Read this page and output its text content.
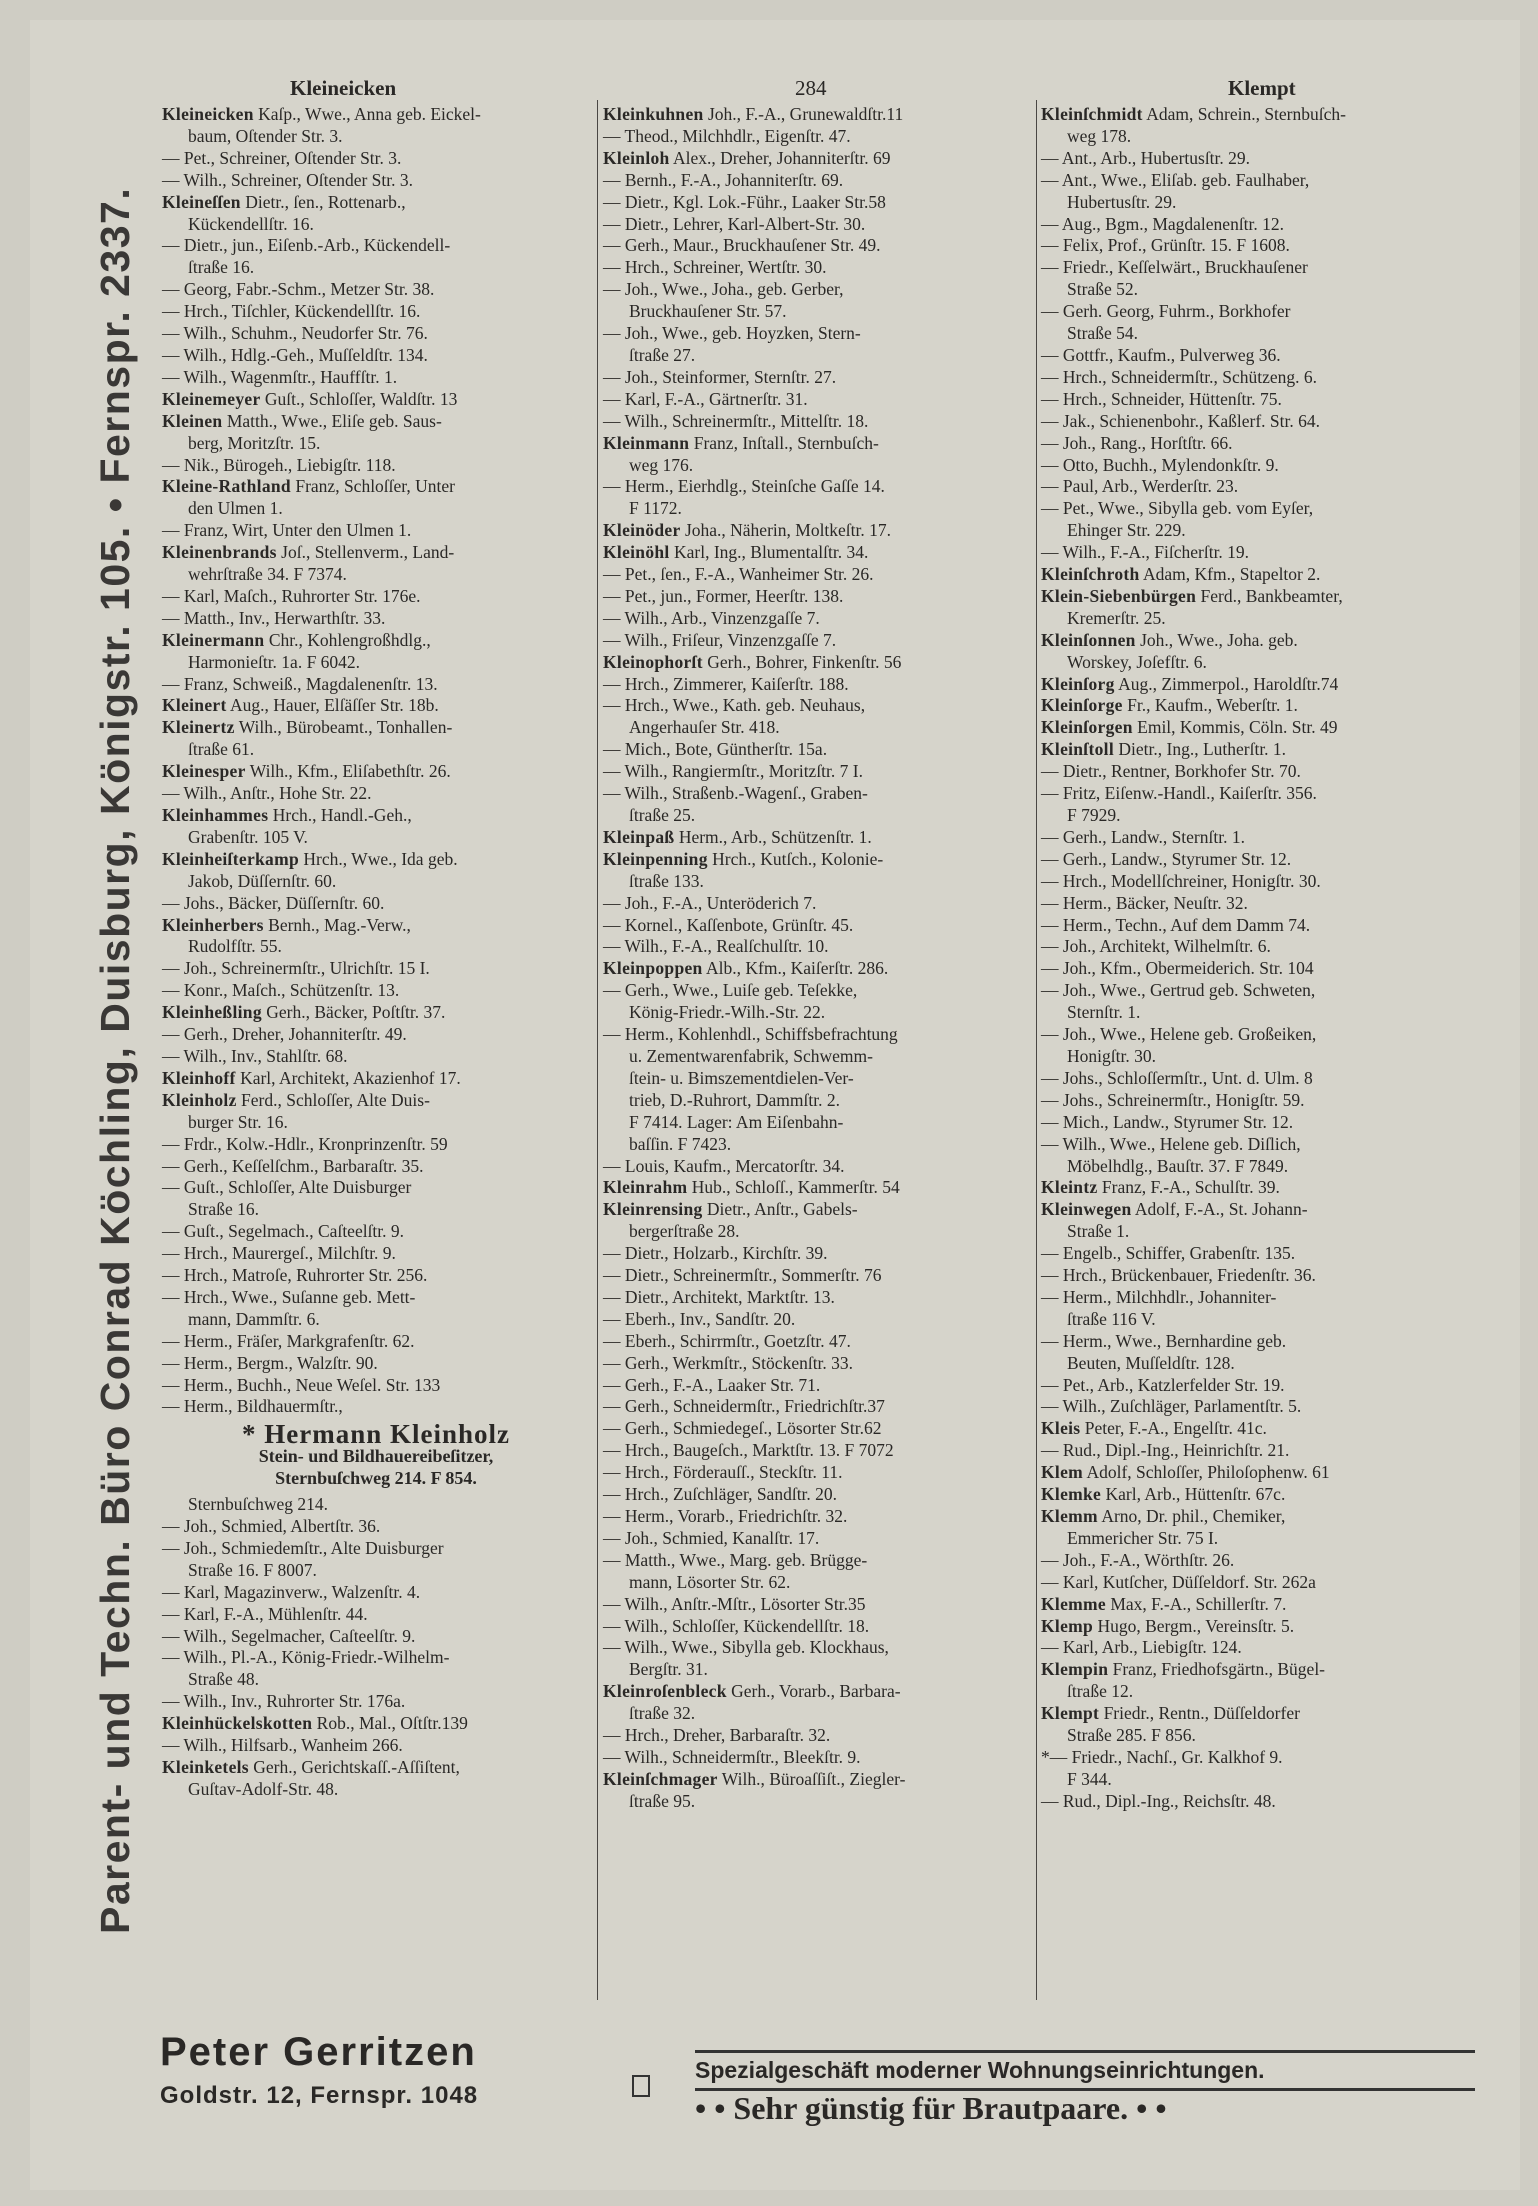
Parent- und Techn. Büro Conrad Köchling, Duisburg, Königstr. 105. • Fernspr. 2337.
Kleineicken	284	Klempt
Kleineicken Kaſp., Wwe., Anna geb. Eickel-
baum, Oſtender Str. 3.
— Pet., Schreiner, Oſtender Str. 3.
— Wilh., Schreiner, Oſtender Str. 3.
Kleineſſen Dietr., ſen., Rottenarb.,
Kückendellſtr. 16.
— Dietr., jun., Eiſenb.-Arb., Kückendell-
ſtraße 16.
— Georg, Fabr.-Schm., Metzer Str. 38.
— Hrch., Tiſchler, Kückendellſtr. 16.
— Wilh., Schuhm., Neudorfer Str. 76.
— Wilh., Hdlg.-Geh., Muſſeldſtr. 134.
— Wilh., Wagenmſtr., Hauffſtr. 1.
Kleinemeyer Guſt., Schloſſer, Waldſtr. 13
Kleinen Matth., Wwe., Eliſe geb. Saus-
berg, Moritzſtr. 15.
— Nik., Bürogeh., Liebigſtr. 118.
Kleine-Rathland Franz, Schloſſer, Unter
den Ulmen 1.
— Franz, Wirt, Unter den Ulmen 1.
Kleinenbrands Joſ., Stellenverm., Land-
wehrſtraße 34. F 7374.
— Karl, Maſch., Ruhrorter Str. 176e.
— Matth., Inv., Herwarthſtr. 33.
Kleinermann Chr., Kohlengroßhdlg.,
Harmonieſtr. 1a. F 6042.
— Franz, Schweiß., Magdalenenſtr. 13.
Kleinert Aug., Hauer, Elſäſſer Str. 18b.
Kleinertz Wilh., Bürobeamt., Tonhallen-
ſtraße 61.
Kleinesper Wilh., Kfm., Eliſabethſtr. 26.
— Wilh., Anſtr., Hohe Str. 22.
Kleinhammes Hrch., Handl.-Geh.,
Grabenſtr. 105 V.
Kleinheiſterkamp Hrch., Wwe., Ida geb.
Jakob, Düſſernſtr. 60.
— Johs., Bäcker, Düſſernſtr. 60.
Kleinherbers Bernh., Mag.-Verw.,
Rudolfſtr. 55.
— Joh., Schreinermſtr., Ulrichſtr. 15 I.
— Konr., Maſch., Schützenſtr. 13.
Kleinheßling Gerh., Bäcker, Poſtſtr. 37.
— Gerh., Dreher, Johanniterſtr. 49.
— Wilh., Inv., Stahlſtr. 68.
Kleinhoff Karl, Architekt, Akazienhof 17.
Kleinholz Ferd., Schloſſer, Alte Duis-
burger Str. 16.
— Frdr., Kolw.-Hdlr., Kronprinzenſtr. 59
— Gerh., Keſſelſchm., Barbaraſtr. 35.
— Guſt., Schloſſer, Alte Duisburger
Straße 16.
— Guſt., Segelmach., Caſteelſtr. 9.
— Hrch., Maurergeſ., Milchſtr. 9.
— Hrch., Matroſe, Ruhrorter Str. 256.
— Hrch., Wwe., Suſanne geb. Mett-
mann, Dammſtr. 6.
— Herm., Fräſer, Markgrafenſtr. 62.
— Herm., Bergm., Walzſtr. 90.
— Herm., Buchh., Neue Weſel. Str. 133
— Herm., Bildhauermſtr.,
* Hermann Kleinholz
Stein- und Bildhauereibeſitzer,
Sternbuſchweg 214. F 854.
Sternbuſchweg 214.
— Joh., Schmied, Albertſtr. 36.
— Joh., Schmiedemſtr., Alte Duisburger
Straße 16. F 8007.
— Karl, Magazinverw., Walzenſtr. 4.
— Karl, F.-A., Mühlenſtr. 44.
— Wilh., Segelmacher, Caſteelſtr. 9.
— Wilh., Pl.-A., König-Friedr.-Wilhelm-
Straße 48.
— Wilh., Inv., Ruhrorter Str. 176a.
Kleinhückelskotten Rob., Mal., Oſtſtr.139
— Wilh., Hilfsarb., Wanheim 266.
Kleinketels Gerh., Gerichtskaſſ.-Aſſiſtent,
Guſtav-Adolf-Str. 48.
Kleinkuhnen Joh., F.-A., Grunewaldſtr.11
— Theod., Milchhdlr., Eigenſtr. 47.
Kleinloh Alex., Dreher, Johanniterſtr. 69
— Bernh., F.-A., Johanniterſtr. 69.
— Dietr., Kgl. Lok.-Führ., Laaker Str.58
— Dietr., Lehrer, Karl-Albert-Str. 30.
— Gerh., Maur., Bruckhauſener Str. 49.
— Hrch., Schreiner, Wertſtr. 30.
— Joh., Wwe., Joha., geb. Gerber,
Bruckhauſener Str. 57.
— Joh., Wwe., geb. Hoyzken, Stern-
ſtraße 27.
— Joh., Steinformer, Sternſtr. 27.
— Karl, F.-A., Gärtnerſtr. 31.
— Wilh., Schreinermſtr., Mittelſtr. 18.
Kleinmann Franz, Inſtall., Sternbuſch-
weg 176.
— Herm., Eierhdlg., Steinſche Gaſſe 14.
F 1172.
Kleinöder Joha., Näherin, Moltkeſtr. 17.
Kleinöhl Karl, Ing., Blumentalſtr. 34.
— Pet., ſen., F.-A., Wanheimer Str. 26.
— Pet., jun., Former, Heerſtr. 138.
— Wilh., Arb., Vinzenzgaſſe 7.
— Wilh., Friſeur, Vinzenzgaſſe 7.
Kleinophorſt Gerh., Bohrer, Finkenſtr. 56
— Hrch., Zimmerer, Kaiſerſtr. 188.
— Hrch., Wwe., Kath. geb. Neuhaus,
Angerhauſer Str. 418.
— Mich., Bote, Güntherſtr. 15a.
— Wilh., Rangiermſtr., Moritzſtr. 7 I.
— Wilh., Straßenb.-Wagenſ., Graben-
ſtraße 25.
Kleinpaß Herm., Arb., Schützenſtr. 1.
Kleinpenning Hrch., Kutſch., Kolonie-
ſtraße 133.
— Joh., F.-A., Unteröderich 7.
— Kornel., Kaſſenbote, Grünſtr. 45.
— Wilh., F.-A., Realſchulſtr. 10.
Kleinpoppen Alb., Kfm., Kaiſerſtr. 286.
— Gerh., Wwe., Luiſe geb. Teſekke,
König-Friedr.-Wilh.-Str. 22.
— Herm., Kohlenhdl., Schiffsbefrachtung
u. Zementwarenfabrik, Schwemm-
ſtein- u. Bimszementdielen-Ver-
trieb, D.-Ruhrort, Dammſtr. 2.
F 7414. Lager: Am Eiſenbahn-
baſſin. F 7423.
— Louis, Kaufm., Mercatorſtr. 34.
Kleinrahm Hub., Schloſſ., Kammerſtr. 54
Kleinrensing Dietr., Anſtr., Gabels-
bergerſtraße 28.
— Dietr., Holzarb., Kirchſtr. 39.
— Dietr., Schreinermſtr., Sommerſtr. 76
— Dietr., Architekt, Marktſtr. 13.
— Eberh., Inv., Sandſtr. 20.
— Eberh., Schirrmſtr., Goetzſtr. 47.
— Gerh., Werkmſtr., Stöckenſtr. 33.
— Gerh., F.-A., Laaker Str. 71.
— Gerh., Schneidermſtr., Friedrichſtr.37
— Gerh., Schmiedegeſ., Lösorter Str.62
— Hrch., Baugeſch., Marktſtr. 13. F 7072
— Hrch., Förderauſſ., Steckſtr. 11.
— Hrch., Zuſchläger, Sandſtr. 20.
— Herm., Vorarb., Friedrichſtr. 32.
— Joh., Schmied, Kanalſtr. 17.
— Matth., Wwe., Marg. geb. Brügge-
mann, Lösorter Str. 62.
— Wilh., Anſtr.-Mſtr., Lösorter Str.35
— Wilh., Schloſſer, Kückendellſtr. 18.
— Wilh., Wwe., Sibylla geb. Klockhaus,
Bergſtr. 31.
Kleinroſenbleck Gerh., Vorarb., Barbara-
ſtraße 32.
— Hrch., Dreher, Barbaraſtr. 32.
— Wilh., Schneidermſtr., Bleekſtr. 9.
Kleinſchmager Wilh., Büroaſſiſt., Ziegler-
ſtraße 95.
Kleinſchmidt Adam, Schrein., Sternbuſch-
weg 178.
— Ant., Arb., Hubertusſtr. 29.
— Ant., Wwe., Eliſab. geb. Faulhaber,
Hubertusſtr. 29.
— Aug., Bgm., Magdalenenſtr. 12.
— Felix, Prof., Grünſtr. 15. F 1608.
— Friedr., Keſſelwärt., Bruckhauſener
Straße 52.
— Gerh. Georg, Fuhrm., Borkhofer
Straße 54.
— Gottfr., Kaufm., Pulverweg 36.
— Hrch., Schneidermſtr., Schützeng. 6.
— Hrch., Schneider, Hüttenſtr. 75.
— Jak., Schienenbohr., Kaßlerf. Str. 64.
— Joh., Rang., Horſtſtr. 66.
— Otto, Buchh., Mylendonkſtr. 9.
— Paul, Arb., Werderſtr. 23.
— Pet., Wwe., Sibylla geb. vom Eyſer,
Ehinger Str. 229.
— Wilh., F.-A., Fiſcherſtr. 19.
Kleinſchroth Adam, Kfm., Stapeltor 2.
Klein-Siebenbürgen Ferd., Bankbeamter,
Kremerſtr. 25.
Kleinſonnen Joh., Wwe., Joha. geb.
Worskey, Joſefſtr. 6.
Kleinſorg Aug., Zimmerpol., Haroldſtr.74
Kleinſorge Fr., Kaufm., Weberſtr. 1.
Kleinſorgen Emil, Kommis, Cöln. Str. 49
Kleinſtoll Dietr., Ing., Lutherſtr. 1.
— Dietr., Rentner, Borkhofer Str. 70.
— Fritz, Eiſenw.-Handl., Kaiſerſtr. 356.
F 7929.
— Gerh., Landw., Sternſtr. 1.
— Gerh., Landw., Styrumer Str. 12.
— Hrch., Modellſchreiner, Honigſtr. 30.
— Herm., Bäcker, Neuſtr. 32.
— Herm., Techn., Auf dem Damm 74.
— Joh., Architekt, Wilhelmſtr. 6.
— Joh., Kfm., Obermeiderich. Str. 104
— Joh., Wwe., Gertrud geb. Schweten,
Sternſtr. 1.
— Joh., Wwe., Helene geb. Großeiken,
Honigſtr. 30.
— Johs., Schloſſermſtr., Unt. d. Ulm. 8
— Johs., Schreinermſtr., Honigſtr. 59.
— Mich., Landw., Styrumer Str. 12.
— Wilh., Wwe., Helene geb. Diſlich,
Möbelhdlg., Bauſtr. 37. F 7849.
Kleintz Franz, F.-A., Schulſtr. 39.
Kleinwegen Adolf, F.-A., St. Johann-
Straße 1.
— Engelb., Schiffer, Grabenſtr. 135.
— Hrch., Brückenbauer, Friedenſtr. 36.
— Herm., Milchhdlr., Johanniter-
ſtraße 116 V.
— Herm., Wwe., Bernhardine geb.
Beuten, Muſſeldſtr. 128.
— Pet., Arb., Katzlerfelder Str. 19.
— Wilh., Zuſchläger, Parlamentſtr. 5.
Kleis Peter, F.-A., Engelſtr. 41c.
— Rud., Dipl.-Ing., Heinrichſtr. 21.
Klem Adolf, Schloſſer, Philoſophenw. 61
Klemke Karl, Arb., Hüttenſtr. 67c.
Klemm Arno, Dr. phil., Chemiker,
Emmericher Str. 75 I.
— Joh., F.-A., Wörthſtr. 26.
— Karl, Kutſcher, Düſſeldorf. Str. 262a
Klemme Max, F.-A., Schillerſtr. 7.
Klemp Hugo, Bergm., Vereinsſtr. 5.
— Karl, Arb., Liebigſtr. 124.
Klempin Franz, Friedhofsgärtn., Bügel-
ſtraße 12.
Klempt Friedr., Rentn., Düſſeldorfer
Straße 285. F 856.
*— Friedr., Nachſ., Gr. Kalkhof 9.
F 344.
— Rud., Dipl.-Ing., Reichsſtr. 48.
Peter Gerritzen
Goldstr. 12, Fernspr. 1048
Spezialgeschäft moderner Wohnungseinrichtungen.
• • Sehr günstig für Brautpaare. • •
